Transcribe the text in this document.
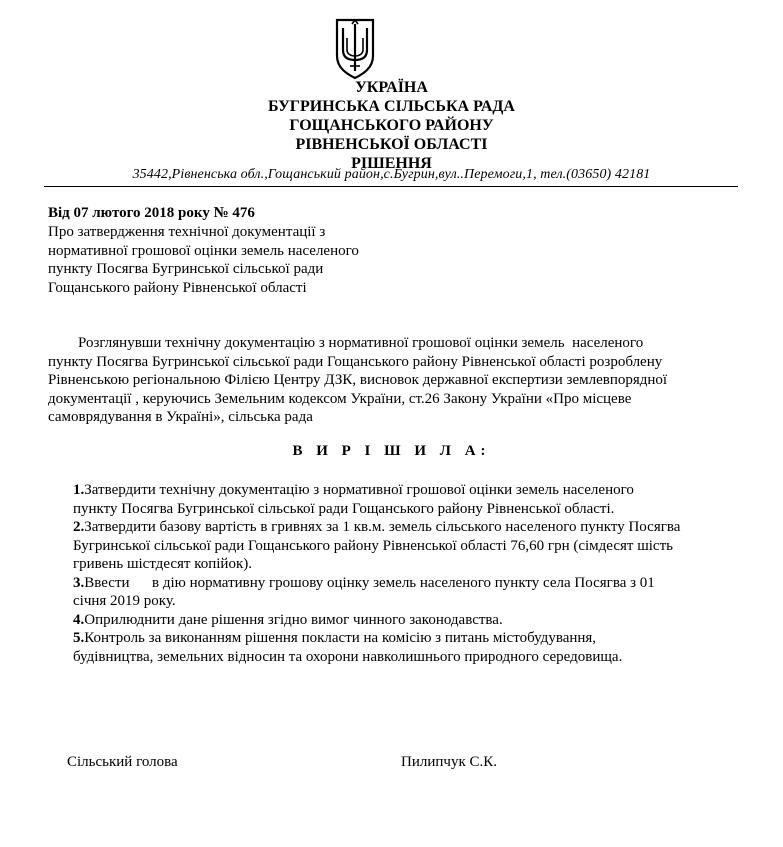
УКРАЇНА
БУГРИНСЬКА СІЛЬСЬКА РАДА
ГОЩАНСЬКОГО РАЙОНУ
РІВНЕНСЬКОЇ ОБЛАСТІ
РІШЕННЯ
35442,Рівненська обл.,Гощанський район,с.Бугрин,вул..Перемоги,1, тел.(03650) 42181
Від 07 лютого 2018 року № 476
Про затвердження технічної документації з
нормативної грошової оцінки земель населеного
пункту Посягва Бугринської сільської ради
Гощанського району Рівненської області
Розглянувши технічну документацію з нормативної грошової оцінки земель  населеного
пункту Посягва Бугринської сільської ради Гощанського району Рівненської області розроблену
Рівненською регіональною Філією Центру ДЗК, висновок державної експертизи землевпорядної
документації , керуючись Земельним кодексом України, ст.26 Закону України «Про місцеве
самоврядування в Україні», сільська рада
В И Р І Ш И Л А:
1.Затвердити технічну документацію з нормативної грошової оцінки земель населеного
пункту Посягва Бугринської сільської ради Гощанського району Рівненської області.
2.Затвердити базову вартість в гривнях за 1 кв.м. земель сільського населеного пункту Посягва
Бугринської сільської ради Гощанського району Рівненської області 76,60 грн (сімдесят шість
гривень шістдесят копійок).
3.Ввести      в дію нормативну грошову оцінку земель населеного пункту села Посягва з 01
січня 2019 року.
4.Оприлюднити дане рішення згідно вимог чинного законодавства.
5.Контроль за виконанням рішення покласти на комісію з питань містобудування,
будівництва, земельних відносин та охорони навколишнього природного середовища.
Сільський голова	Пилипчук С.К.
